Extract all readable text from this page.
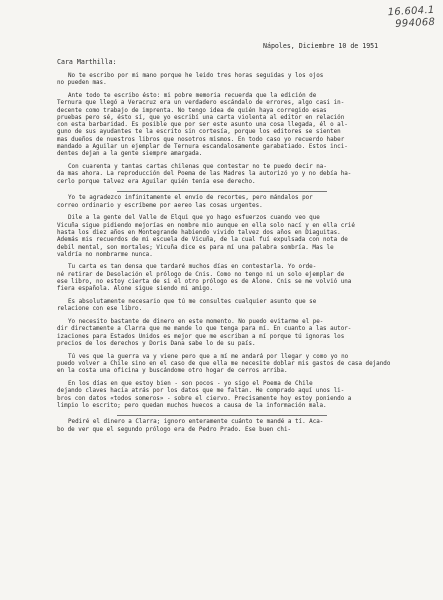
16.604.1
994068
Nápoles, Diciembre 10 de 1951
Cara Marthilla:
No te escribo por mi mano porque he leido tres horas seguidas y los ojos
no pueden mas.
Ante todo te escribo ésto: mi pobre memoria recuerda que la edición de
Ternura que llegó a Veracruz era un verdadero escándalo de errores, algo casi in-
decente como trabajo de imprenta. No tengo idea de quién haya corregido esas
pruebas pero sé, ésto sí, que yo escribí una carta violenta al editor en relación
con esta barbaridad. Es posible que por ser este asunto una cosa llegada, él o al-
guno de sus ayudantes te la escrito sin cortesía, porque los editores se sienten
mas dueños de nuestros libros que nosotros mismos. En todo caso yo recuerdo haber
mandado a Aguilar un ejemplar de Ternura escandalosamente garabatiado. Estos inci-
dentes dejan a la gente siempre amargada.
Con cuarenta y tantas cartas chilenas que contestar no te puedo decir na-
da mas ahora. La reproducción del Poema de las Madres la autorizó yo y no debía ha-
cerlo porque talvez era Aguilar quién tenía ese derecho.
Yo te agradezco infinitamente el envío de recortes, pero mándalos por
correo ordinario y escríbeme por aereo las cosas urgentes.
Dile a la gente del Valle de Elqui que yo hago esfuerzos cuando veo que
Vicuña sigue pidiendo mejorías en nombre mio aunque en ella solo nací y en ella crié
hasta los diez años en Montegrande habiendo vivido talvez dos años en Diaguitas.
Además mis recuerdos de mi escuela de Vicuña, de la cual fuí expulsada con nota de
debil mental, son mortales; Vicuña dice es para mí una palabra sombría. Mas le
valdría no nombrarme nunca.
Tu carta es tan densa que tardaré muchos días en contestarla. Yo orde-
né retirar de Desolación el prólogo de Cnis. Como no tengo ni un solo ejemplar de
ese libro, no estoy cierta de si el otro prólogo es de Alone. Cnis se me volvió una
fiera española. Alone sigue siendo mi amigo.
Es absolutamente necesario que tú me consultes cualquier asunto que se
relacione con ese libro.
Yo necesito bastante de dinero en este momento. No puedo evitarme el pe-
dir directamente a Clarra que me mande lo que tenga para mí. En cuanto a las autor-
izaciones para Estados Unidos es mejor que me escriban a mí porque tú ignoras los
precios de los derechos y Doris Dana sabe lo de su país.
Tú ves que la guerra va y viene pero que a mí me andará por llegar y como yo no
puedo volver a Chile sino en el caso de que ella me necesite doblar mis gastos de casa dejando
en la costa una oficina y buscándome otro hogar de cerros arriba.
En los días en que estoy bien - son pocos - yo sigo el Poema de Chile
dejando claves hacia atrás por los datos que me faltan. He comprado aquí unos li-
bros con datos «todos someros» - sobre el ciervo. Precisamente hoy estoy poniendo a
limpio lo escrito; pero quedan muchos huecos a causa de la información mala.
Pediré el dinero a Clarra; ignoro enteramente cuánto te mandé a tí. Aca-
bo de ver que el segundo prólogo era de Pedro Prado. Ese buen chi-
